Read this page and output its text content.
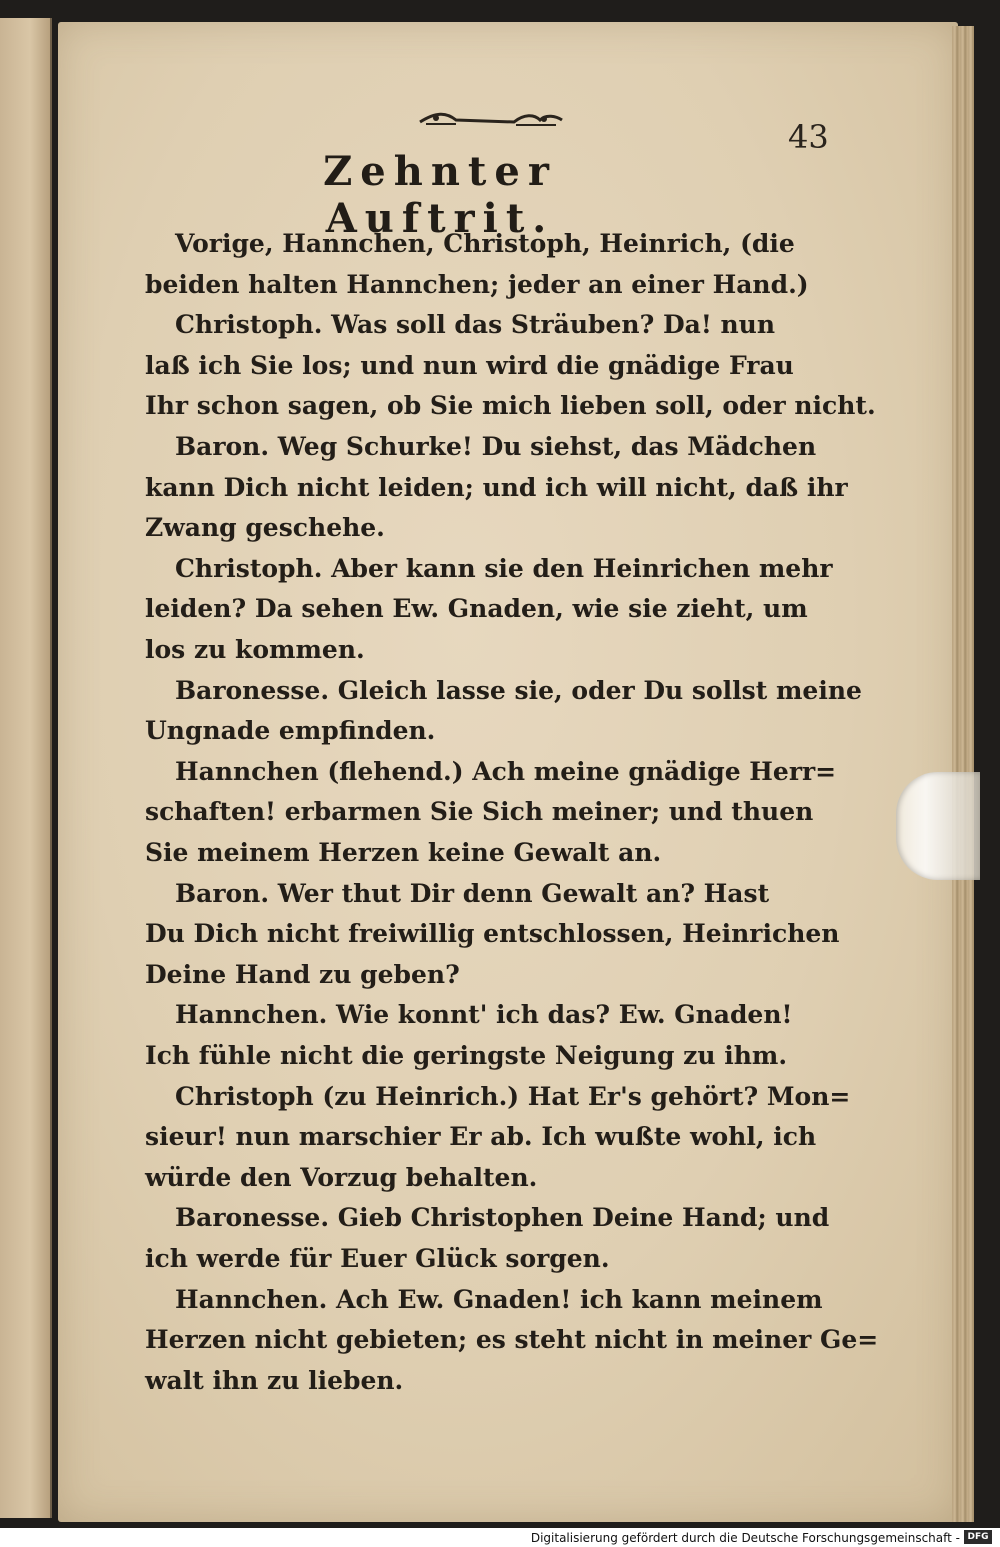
43
Zehnter Auftrit.
Vorige, Hannchen, Christoph, Heinrich, (die
beiden halten Hannchen; jeder an einer Hand.)
Christoph. Was soll das Sträuben? Da! nun
laß ich Sie los; und nun wird die gnädige Frau
Ihr schon sagen, ob Sie mich lieben soll, oder nicht.
Baron. Weg Schurke! Du siehst, das Mädchen
kann Dich nicht leiden; und ich will nicht, daß ihr
Zwang geschehe.
Christoph. Aber kann sie den Heinrichen mehr
leiden? Da sehen Ew. Gnaden, wie sie zieht, um
los zu kommen.
Baronesse. Gleich lasse sie, oder Du sollst meine
Ungnade empfinden.
Hannchen (flehend.) Ach meine gnädige Herr=
schaften! erbarmen Sie Sich meiner; und thuen
Sie meinem Herzen keine Gewalt an.
Baron. Wer thut Dir denn Gewalt an? Hast
Du Dich nicht freiwillig entschlossen, Heinrichen
Deine Hand zu geben?
Hannchen. Wie konnt' ich das? Ew. Gnaden!
Ich fühle nicht die geringste Neigung zu ihm.
Christoph (zu Heinrich.) Hat Er's gehört? Mon=
sieur! nun marschier Er ab. Ich wußte wohl, ich
würde den Vorzug behalten.
Baronesse. Gieb Christophen Deine Hand; und
ich werde für Euer Glück sorgen.
Hannchen. Ach Ew. Gnaden! ich kann meinem
Herzen nicht gebieten; es steht nicht in meiner Ge=
walt ihn zu lieben.
Digitalisierung gefördert durch die Deutsche Forschungsgemeinschaft - DFG
